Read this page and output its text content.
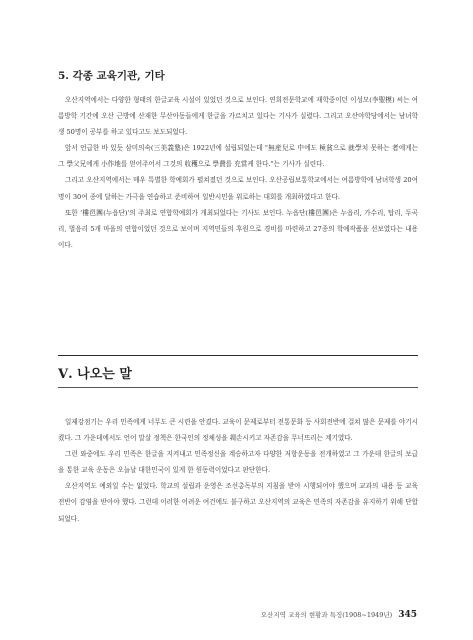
5. 각종 교육기관, 기타

오산지역에서는 다양한 형태의 한글교육 시설이 있었던 것으로 보인다. 연희전문학교에 재학중이던 이성모(李聖模) 씨는 여름방학 기간에 오산 근방에 산재한 무산아동들에게 한글을 가르치고 있다는 기사가 실렸다. 그리고 오산야학당에서는 남녀학생 50명이 공부를 하고 있다고도 보도되었다.

앞서 언급한 바 있듯 삼미의숙(三美義塾)은 1922년에 설립되었는데 "無産兒로 中에도 極貧으로 就學치 못하는 者에게는 그 學父兄에게 小作地를 얻어주어서 그것의 收穫으로 學費를 充當케 한다."는 기사가 실린다.

그리고 오산지역에서는 매우 특별한 학예회가 펼쳐졌던 것으로 보인다. 오산공립보통학교에서는 여름방학에 남녀학생 20여명이 30여 종에 달하는 가극을 연습하고 준비하여 일반시민을 위로하는 대회를 개최하였다고 한다.

또한 '樓邑團(누읍단)'의 주최로 연합학예회가 개최되었다는 기사도 보인다. 누읍단(樓邑團)은 누읍리, 가수리, 탑리, 두곡리, 벌음리 5개 마을의 연합이었던 것으로 보이며 지역민들의 후원으로 경비를 마련하고 27종의 학예작품을 선보였다는 내용이다.

Ⅴ. 나오는 말

일제강점기는 우리 민족에게 너무도 큰 시련을 안겼다. 교육이 문제로부터 전통문화 등 사회전반에 걸쳐 많은 문제를 야기시켰다. 그 가운데에서도 언어 말살 정책은 한국인의 정체성을 훼손시키고 자존감을 무너뜨리는 계기였다.

그런 와중에도 우리 민족은 한글을 지켜내고 민족정신을 계승하고자 다양한 저항운동을 전개하였고 그 가운데 한글의 보급을 통한 교육 운동은 오늘날 대한민국이 있게 한 원동력이었다고 판단한다.

오산지역도 예외일 수는 없었다. 학교의 설립과 운영은 조선총독부의 지침을 받아 시행되어야 했으며 교과의 내용 등 교육 전반이 감염을 받아야 했다. 그런데 이러한 어려운 여건에도 불구하고 오산지역의 교육은 민족의 자존감을 유지하기 위해 단합되었다.

오산지역 교육의 현황과 특징(1908~1949년) 345
